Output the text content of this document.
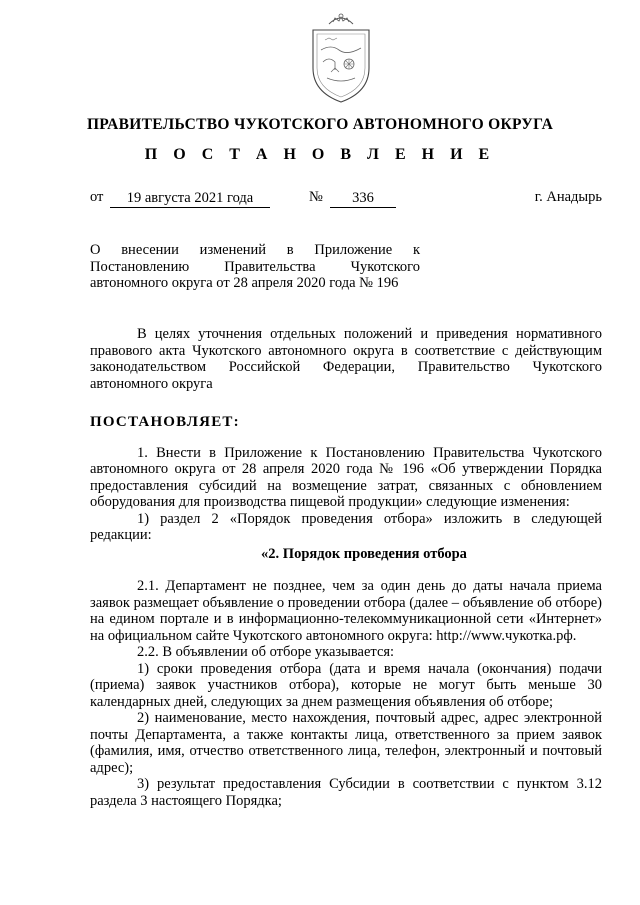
ПРАВИТЕЛЬСТВО ЧУКОТСКОГО АВТОНОМНОГО ОКРУГА
П О С Т А Н О В Л Е Н И Е
от	19 августа 2021 года	№	336	г. Анадырь
О внесении изменений в Приложение к Постановлению Правительства Чукотского автономного округа от 28 апреля 2020 года № 196

В целях уточнения отдельных положений и приведения нормативного правового акта Чукотского автономного округа в соответствие с действующим законодательством Российской Федерации, Правительство Чукотского автономного округа

ПОСТАНОВЛЯЕТ:

1. Внести в Приложение к Постановлению Правительства Чукотского автономного округа от 28 апреля 2020 года № 196 «Об утверждении Порядка предоставления субсидий на возмещение затрат, связанных с обновлением оборудования для производства пищевой продукции» следующие изменения:

1) раздел 2 «Порядок проведения отбора» изложить в следующей редакции:

«2. Порядок проведения отбора

2.1. Департамент не позднее, чем за один день до даты начала приема заявок размещает объявление о проведении отбора (далее – объявление об отборе) на едином портале и в информационно-телекоммуникационной сети «Интернет» на официальном сайте Чукотского автономного округа: http://www.чукотка.рф.

2.2. В объявлении об отборе указывается:

1) сроки проведения отбора (дата и время начала (окончания) подачи (приема) заявок участников отбора), которые не могут быть меньше 30 календарных дней, следующих за днем размещения объявления об отборе;

2) наименование, место нахождения, почтовый адрес, адрес электронной почты Департамента, а также контакты лица, ответственного за прием заявок (фамилия, имя, отчество ответственного лица, телефон, электронный и почтовый адрес);

3) результат предоставления Субсидии в соответствии с пунктом 3.12 раздела 3 настоящего Порядка;
